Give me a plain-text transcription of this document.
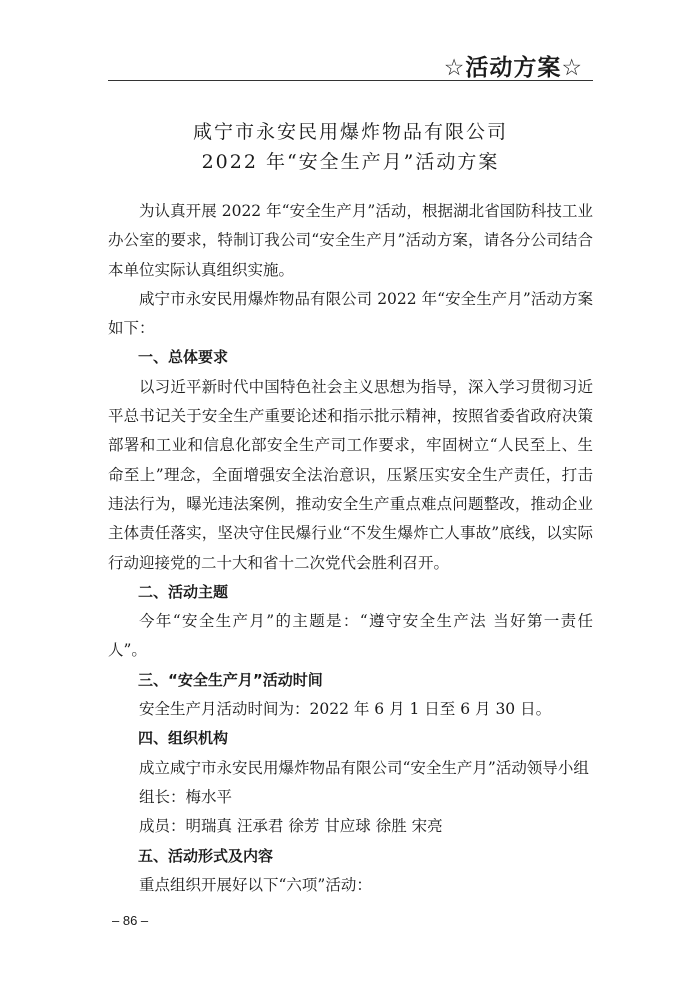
☆活动方案☆
咸宁市永安民用爆炸物品有限公司
2022 年“安全生产月”活动方案

为认真开展 2022 年“安全生产月”活动，根据湖北省国防科技工业办公室的要求，特制订我公司“安全生产月”活动方案，请各分公司结合本单位实际认真组织实施。

咸宁市永安民用爆炸物品有限公司 2022 年“安全生产月”活动方案如下：

一、总体要求

以习近平新时代中国特色社会主义思想为指导，深入学习贯彻习近平总书记关于安全生产重要论述和指示批示精神，按照省委省政府决策部署和工业和信息化部安全生产司工作要求，牢固树立“人民至上、生命至上”理念，全面增强安全法治意识，压紧压实安全生产责任，打击违法行为，曝光违法案例，推动安全生产重点难点问题整改，推动企业主体责任落实，坚决守住民爆行业“不发生爆炸亡人事故”底线，以实际行动迎接党的二十大和省十二次党代会胜利召开。

二、活动主题

今年“安全生产月”的主题是：“遵守安全生产法 当好第一责任人”。

三、“安全生产月”活动时间

安全生产月活动时间为：2022 年 6 月 1 日至 6 月 30 日。

四、组织机构

成立咸宁市永安民用爆炸物品有限公司“安全生产月”活动领导小组

组长：梅水平

成员：明瑞真 汪承君 徐芳 甘应球 徐胜 宋亮

五、活动形式及内容

重点组织开展好以下“六项”活动：

– 86 –
